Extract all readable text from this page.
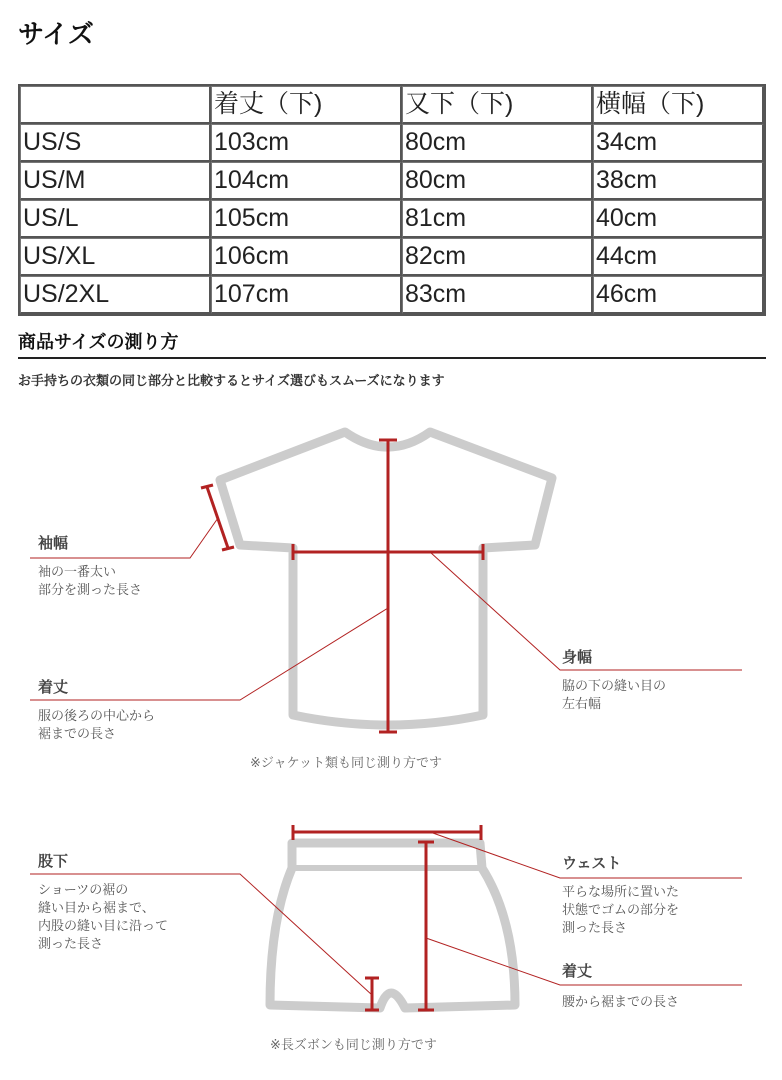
サイズ
	着丈（下)	又下（下)	横幅（下)
US/S	103cm	80cm	34cm
US/M	104cm	80cm	38cm
US/L	105cm	81cm	40cm
US/XL	106cm	82cm	44cm
US/2XL	107cm	83cm	46cm
商品サイズの測り方
お手持ちの衣類の同じ部分と比較するとサイズ選びもスムーズになります
袖幅
袖の一番太い
部分を測った長さ
着丈
服の後ろの中心から
裾までの長さ
身幅
脇の下の縫い目の
左右幅
※ジャケット類も同じ測り方です
股下
ショーツの裾の
縫い目から裾まで、
内股の縫い目に沿って
測った長さ
ウェスト
平らな場所に置いた
状態でゴムの部分を
測った長さ
着丈
腰から裾までの長さ
※長ズボンも同じ測り方です
